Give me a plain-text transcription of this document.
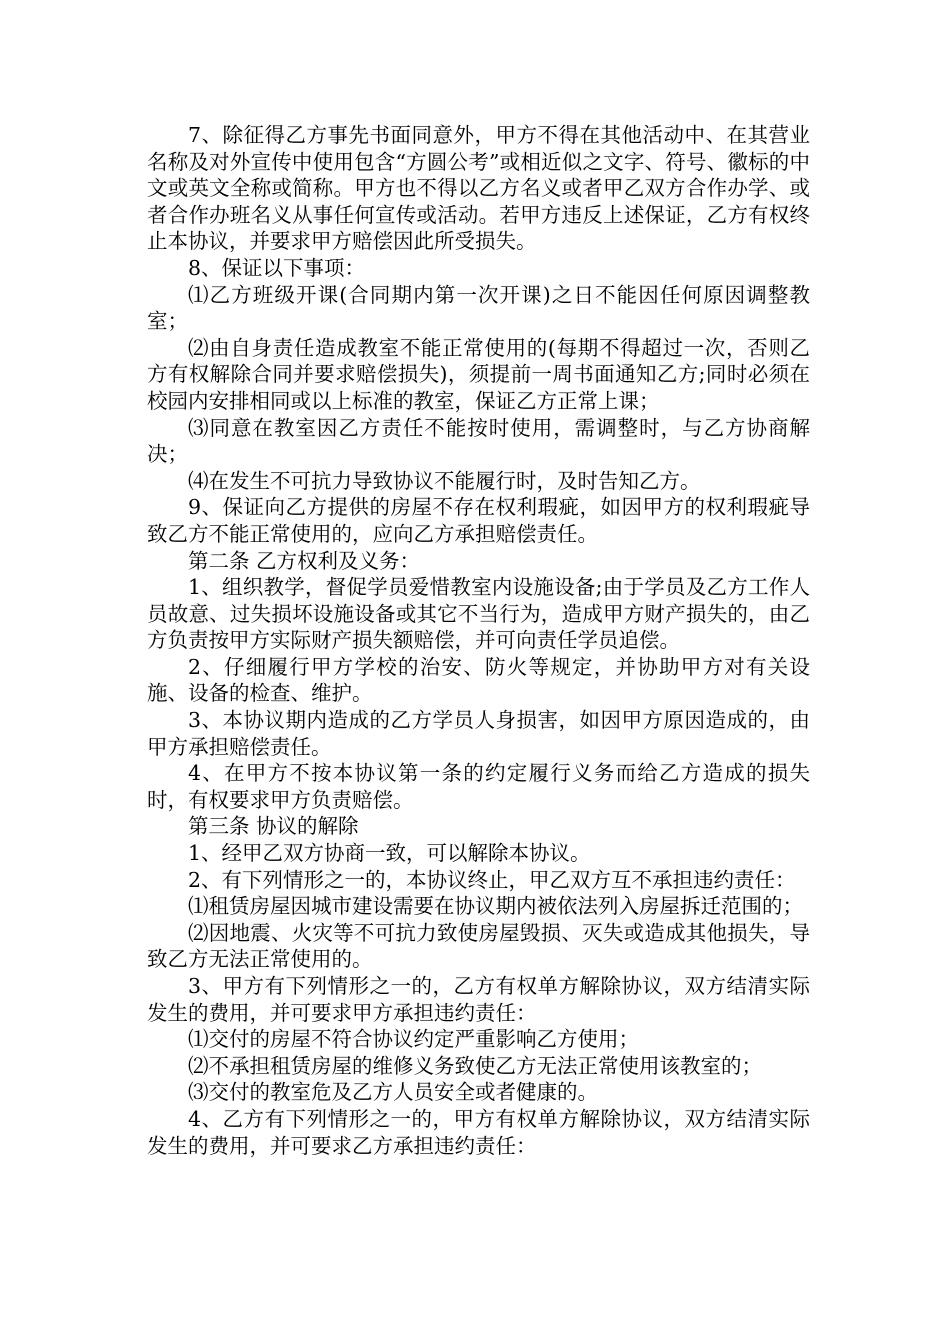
7、除征得乙方事先书面同意外，甲方不得在其他活动中、在其营业名称及对外宣传中使用包含“方圆公考”或相近似之文字、符号、徽标的中文或英文全称或简称。甲方也不得以乙方名义或者甲乙双方合作办学、或者合作办班名义从事任何宣传或活动。若甲方违反上述保证，乙方有权终止本协议，并要求甲方赔偿因此所受损失。

8、保证以下事项：

⑴乙方班级开课(合同期内第一次开课)之日不能因任何原因调整教室；

⑵由自身责任造成教室不能正常使用的(每期不得超过一次，否则乙方有权解除合同并要求赔偿损失)，须提前一周书面通知乙方;同时必须在校园内安排相同或以上标准的教室，保证乙方正常上课；

⑶同意在教室因乙方责任不能按时使用，需调整时，与乙方协商解决；

⑷在发生不可抗力导致协议不能履行时，及时告知乙方。

9、保证向乙方提供的房屋不存在权利瑕疵，如因甲方的权利瑕疵导致乙方不能正常使用的，应向乙方承担赔偿责任。

第二条 乙方权利及义务：

1、组织教学，督促学员爱惜教室内设施设备;由于学员及乙方工作人员故意、过失损坏设施设备或其它不当行为，造成甲方财产损失的，由乙方负责按甲方实际财产损失额赔偿，并可向责任学员追偿。

2、仔细履行甲方学校的治安、防火等规定，并协助甲方对有关设施、设备的检查、维护。

3、本协议期内造成的乙方学员人身损害，如因甲方原因造成的，由甲方承担赔偿责任。

4、在甲方不按本协议第一条的约定履行义务而给乙方造成的损失时，有权要求甲方负责赔偿。

第三条 协议的解除

1、经甲乙双方协商一致，可以解除本协议。

2、有下列情形之一的，本协议终止，甲乙双方互不承担违约责任：

⑴租赁房屋因城市建设需要在协议期内被依法列入房屋拆迁范围的；

⑵因地震、火灾等不可抗力致使房屋毁损、灭失或造成其他损失，导致乙方无法正常使用的。

3、甲方有下列情形之一的，乙方有权单方解除协议，双方结清实际发生的费用，并可要求甲方承担违约责任：

⑴交付的房屋不符合协议约定严重影响乙方使用；

⑵不承担租赁房屋的维修义务致使乙方无法正常使用该教室的；

⑶交付的教室危及乙方人员安全或者健康的。

4、乙方有下列情形之一的，甲方有权单方解除协议，双方结清实际发生的费用，并可要求乙方承担违约责任：
